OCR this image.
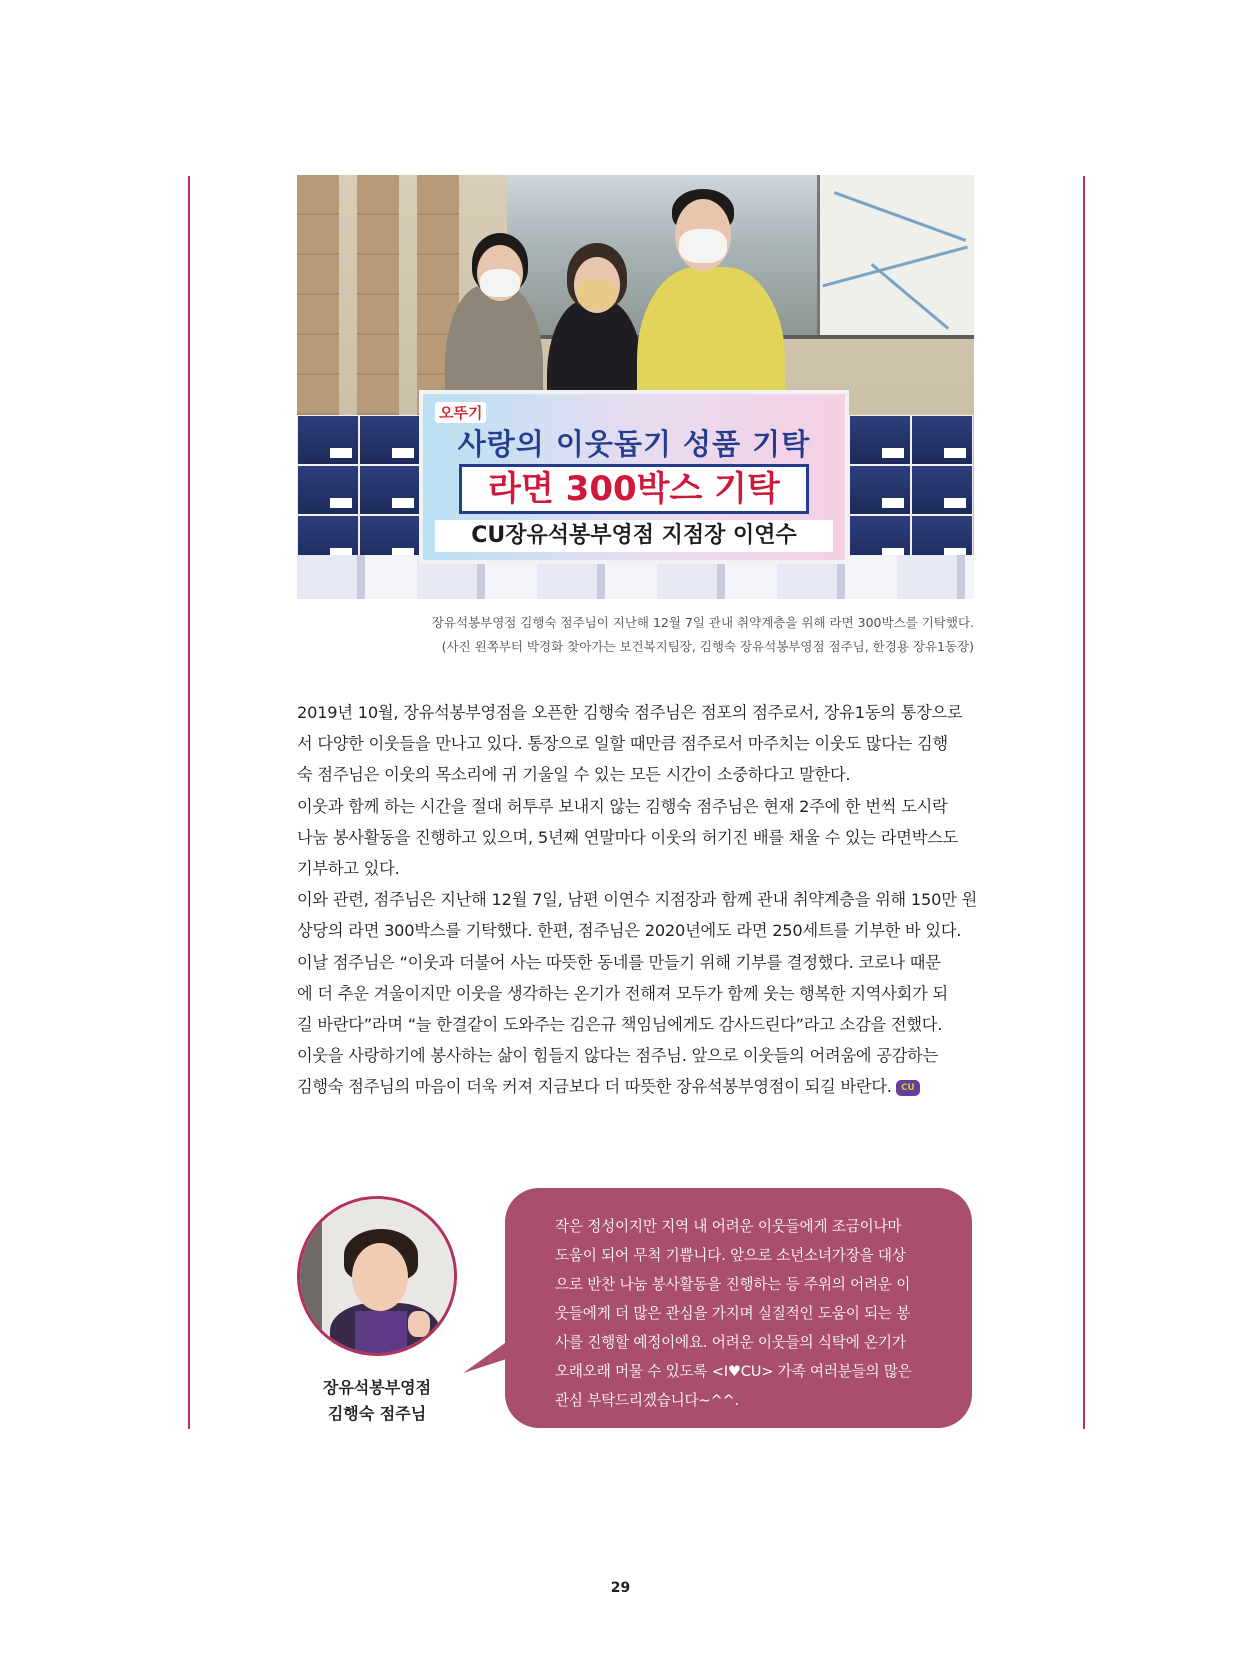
오뚜기
사랑의 이웃돕기 성품 기탁
라면 300박스 기탁
CU장유석봉부영점 지점장 이연수
장유석봉부영점 김행숙 점주님이 지난해 12월 7일 관내 취약계층을 위해 라면 300박스를 기탁했다.
(사진 왼쪽부터 박경화 찾아가는 보건복지팀장, 김행숙 장유석봉부영점 점주님, 한경용 장유1동장)
2019년 10월, 장유석봉부영점을 오픈한 김행숙 점주님은 점포의 점주로서, 장유1동의 통장으로
서 다양한 이웃들을 만나고 있다. 통장으로 일할 때만큼 점주로서 마주치는 이웃도 많다는 김행
숙 점주님은 이웃의 목소리에 귀 기울일 수 있는 모든 시간이 소중하다고 말한다.
이웃과 함께 하는 시간을 절대 허투루 보내지 않는 김행숙 점주님은 현재 2주에 한 번씩 도시락
나눔 봉사활동을 진행하고 있으며, 5년째 연말마다 이웃의 허기진 배를 채울 수 있는 라면박스도
기부하고 있다.
이와 관련, 점주님은 지난해 12월 7일, 남편 이연수 지점장과 함께 관내 취약계층을 위해 150만 원
상당의 라면 300박스를 기탁했다. 한편, 점주님은 2020년에도 라면 250세트를 기부한 바 있다.
이날 점주님은 “이웃과 더불어 사는 따뜻한 동네를 만들기 위해 기부를 결정했다. 코로나 때문
에 더 추운 겨울이지만 이웃을 생각하는 온기가 전해져 모두가 함께 웃는 행복한 지역사회가 되
길 바란다”라며 “늘 한결같이 도와주는 김은규 책임님에게도 감사드린다”라고 소감을 전했다.
이웃을 사랑하기에 봉사하는 삶이 힘들지 않다는 점주님. 앞으로 이웃들의 어려움에 공감하는
김행숙 점주님의 마음이 더욱 커져 지금보다 더 따뜻한 장유석봉부영점이 되길 바란다. CU
장유석봉부영점
김행숙 점주님
작은 정성이지만 지역 내 어려운 이웃들에게 조금이나마
도움이 되어 무척 기쁩니다. 앞으로 소년소녀가장을 대상
으로 반찬 나눔 봉사활동을 진행하는 등 주위의 어려운 이
웃들에게 더 많은 관심을 가지며 실질적인 도움이 되는 봉
사를 진행할 예정이에요. 어려운 이웃들의 식탁에 온기가
오래오래 머물 수 있도록 <I♥CU> 가족 여러분들의 많은
관심 부탁드리겠습니다~^^.
29
